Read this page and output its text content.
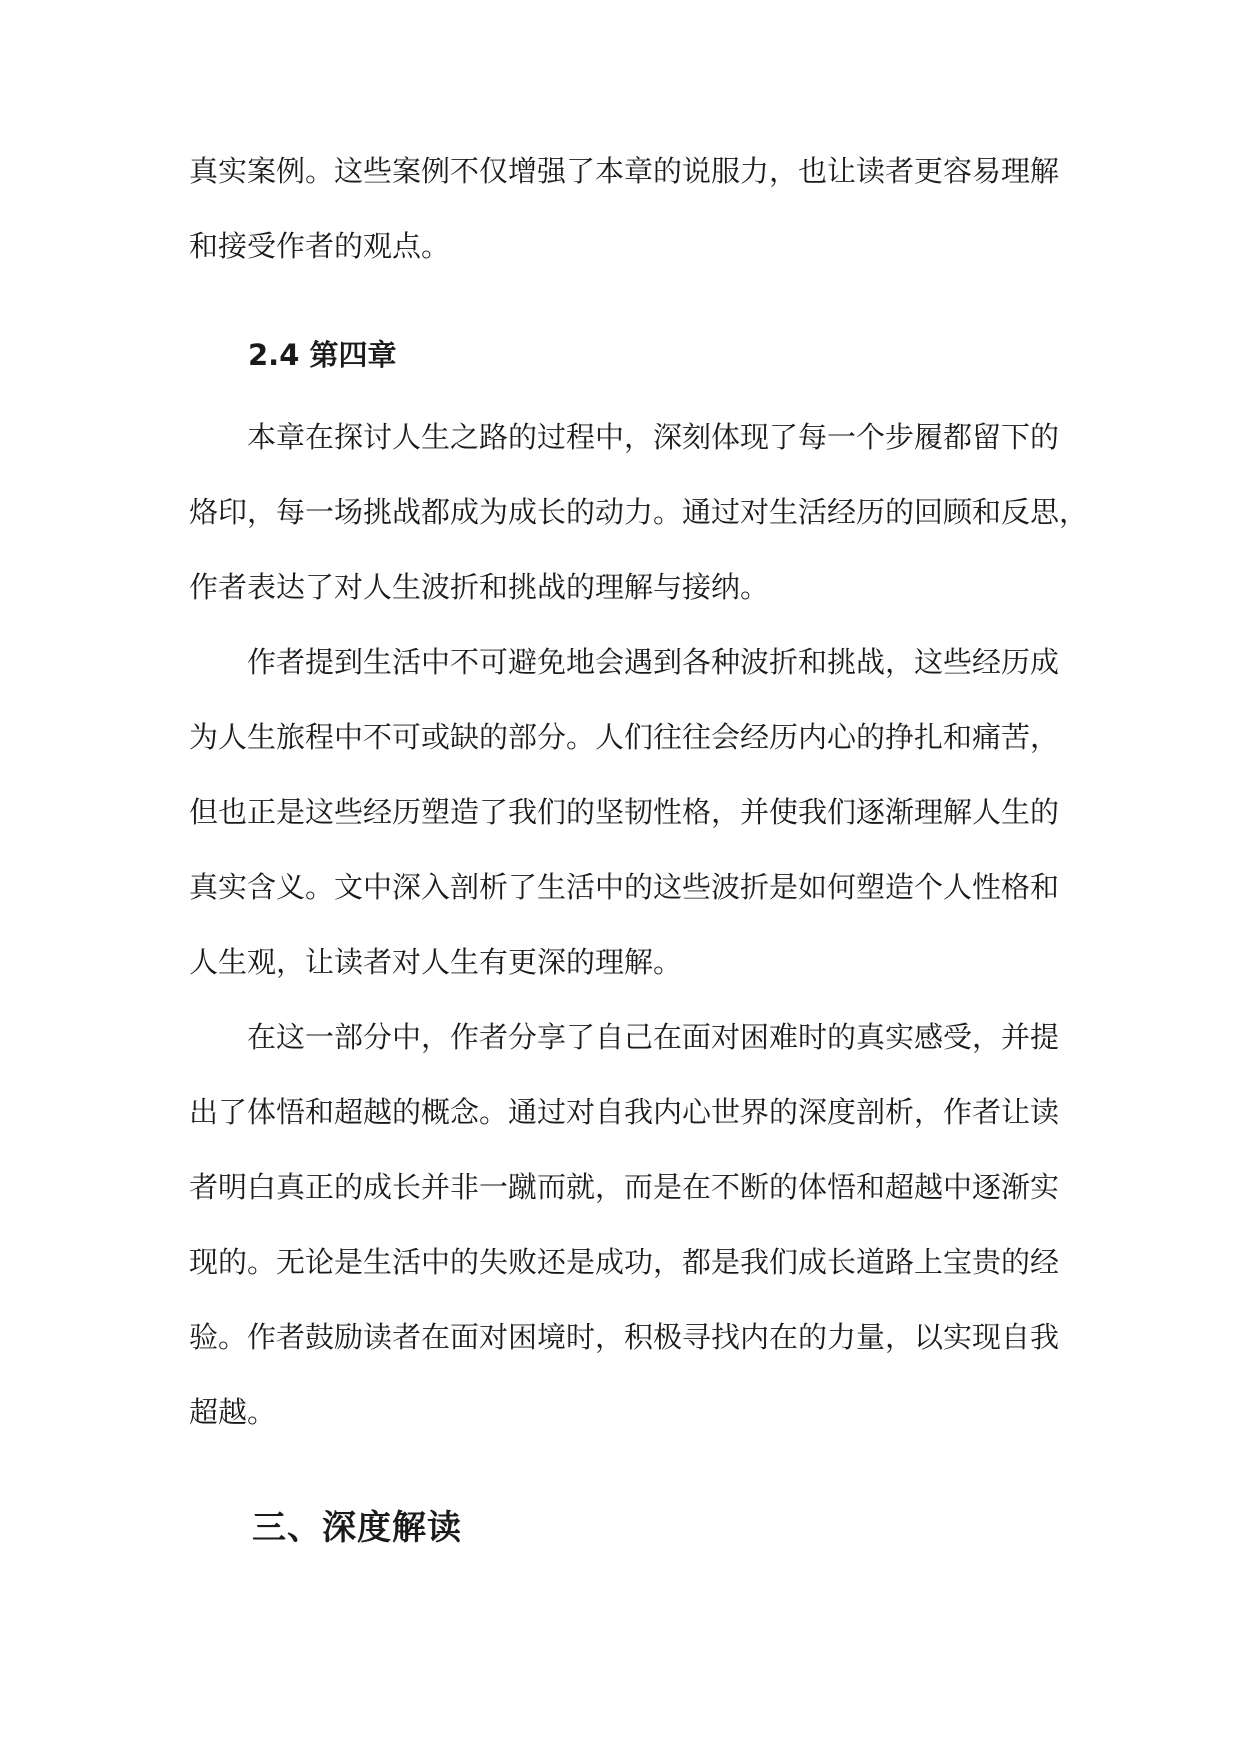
真实案例。这些案例不仅增强了本章的说服力，也让读者更容易理解
和接受作者的观点。
2.4 第四章
本章在探讨人生之路的过程中，深刻体现了每一个步履都留下的
烙印，每一场挑战都成为成长的动力。通过对生活经历的回顾和反思，
作者表达了对人生波折和挑战的理解与接纳。
作者提到生活中不可避免地会遇到各种波折和挑战，这些经历成
为人生旅程中不可或缺的部分。人们往往会经历内心的挣扎和痛苦，
但也正是这些经历塑造了我们的坚韧性格，并使我们逐渐理解人生的
真实含义。文中深入剖析了生活中的这些波折是如何塑造个人性格和
人生观，让读者对人生有更深的理解。
在这一部分中，作者分享了自己在面对困难时的真实感受，并提
出了体悟和超越的概念。通过对自我内心世界的深度剖析，作者让读
者明白真正的成长并非一蹴而就，而是在不断的体悟和超越中逐渐实
现的。无论是生活中的失败还是成功，都是我们成长道路上宝贵的经
验。作者鼓励读者在面对困境时，积极寻找内在的力量，以实现自我
超越。
三、深度解读
